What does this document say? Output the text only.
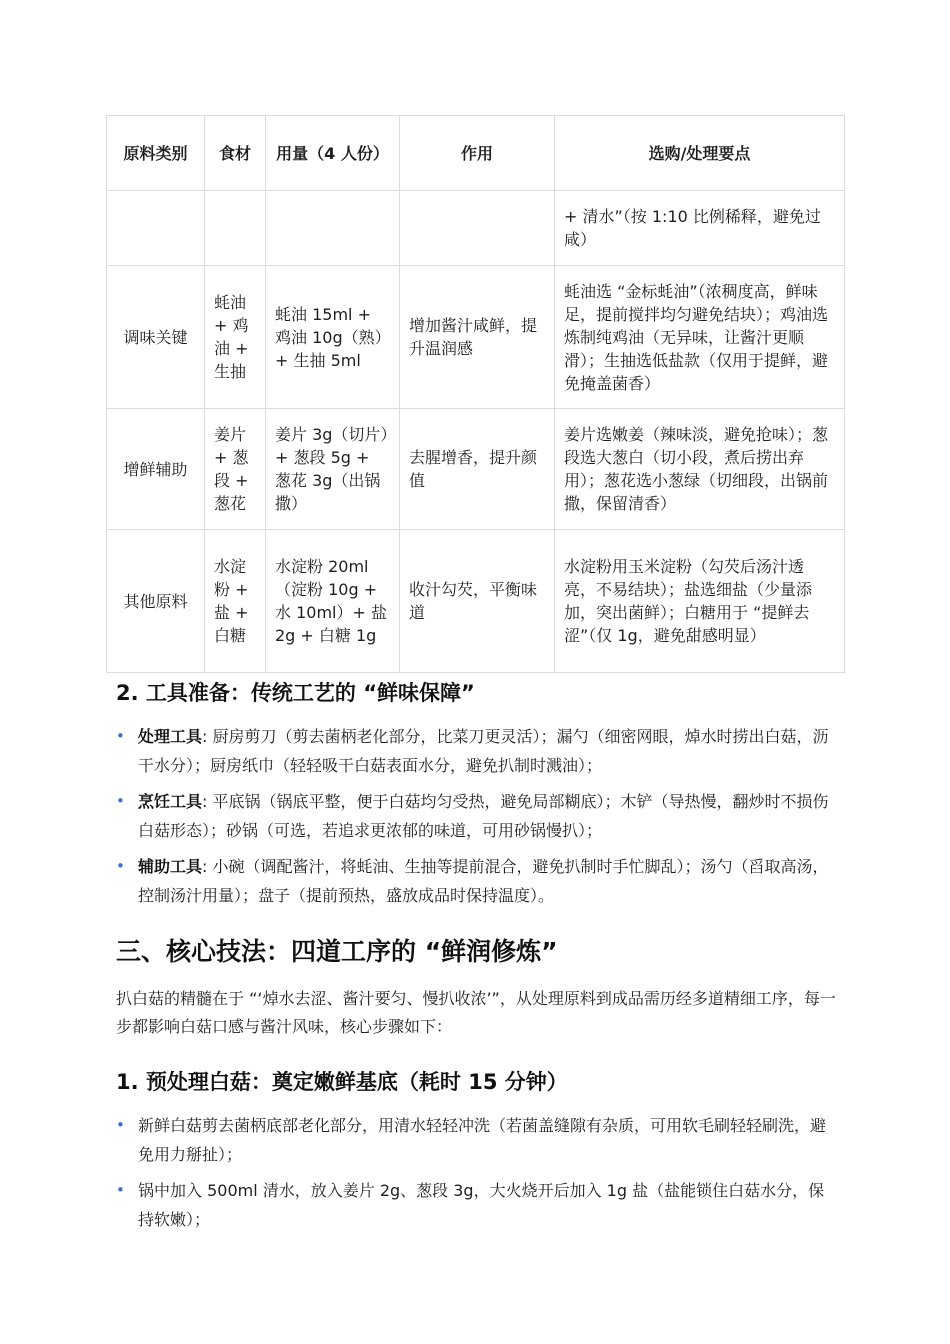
原料类别	食材	用量（4 人份）	作用	选购/处理要点
				+ 清水”（按 1:10 比例稀释，避免过咸）
调味关键	蚝油 + 鸡油 + 生抽	蚝油 15ml + 鸡油 10g（熟）+ 生抽 5ml	增加酱汁咸鲜，提升温润感	蚝油选 “金标蚝油”（浓稠度高，鲜味足，提前搅拌均匀避免结块）；鸡油选炼制纯鸡油（无异味，让酱汁更顺滑）；生抽选低盐款（仅用于提鲜，避免掩盖菌香）
增鲜辅助	姜片 + 葱段 + 葱花	姜片 3g（切片）+ 葱段 5g + 葱花 3g（出锅撒）	去腥增香，提升颜值	姜片选嫩姜（辣味淡，避免抢味）；葱段选大葱白（切小段，煮后捞出弃用）；葱花选小葱绿（切细段，出锅前撒，保留清香）
其他原料	水淀粉 + 盐 + 白糖	水淀粉 20ml（淀粉 10g + 水 10ml）+ 盐 2g + 白糖 1g	收汁勾芡，平衡味道	水淀粉用玉米淀粉（勾芡后汤汁透亮，不易结块）；盐选细盐（少量添加，突出菌鲜）；白糖用于 “提鲜去涩”（仅 1g，避免甜感明显）
2. 工具准备：传统工艺的 “鲜味保障”
• 处理工具: 厨房剪刀（剪去菌柄老化部分，比菜刀更灵活）；漏勺（细密网眼，焯水时捞出白菇，沥干水分）；厨房纸巾（轻轻吸干白菇表面水分，避免扒制时溅油）；
• 烹饪工具: 平底锅（锅底平整，便于白菇均匀受热，避免局部糊底）；木铲（导热慢，翻炒时不损伤白菇形态）；砂锅（可选，若追求更浓郁的味道，可用砂锅慢扒）；
• 辅助工具: 小碗（调配酱汁，将蚝油、生抽等提前混合，避免扒制时手忙脚乱）；汤勺（舀取高汤，控制汤汁用量）；盘子（提前预热，盛放成品时保持温度）。
三、核心技法：四道工序的 “鲜润修炼”

扒白菇的精髓在于 “‘焯水去涩、酱汁要匀、慢扒收浓’”，从处理原料到成品需历经多道精细工序，每一步都影响白菇口感与酱汁风味，核心步骤如下：

1. 预处理白菇：奠定嫩鲜基底（耗时 15 分钟）
• 新鲜白菇剪去菌柄底部老化部分，用清水轻轻冲洗（若菌盖缝隙有杂质，可用软毛刷轻轻刷洗，避免用力掰扯）；
• 锅中加入 500ml 清水，放入姜片 2g、葱段 3g，大火烧开后加入 1g 盐（盐能锁住白菇水分，保持软嫩）；
